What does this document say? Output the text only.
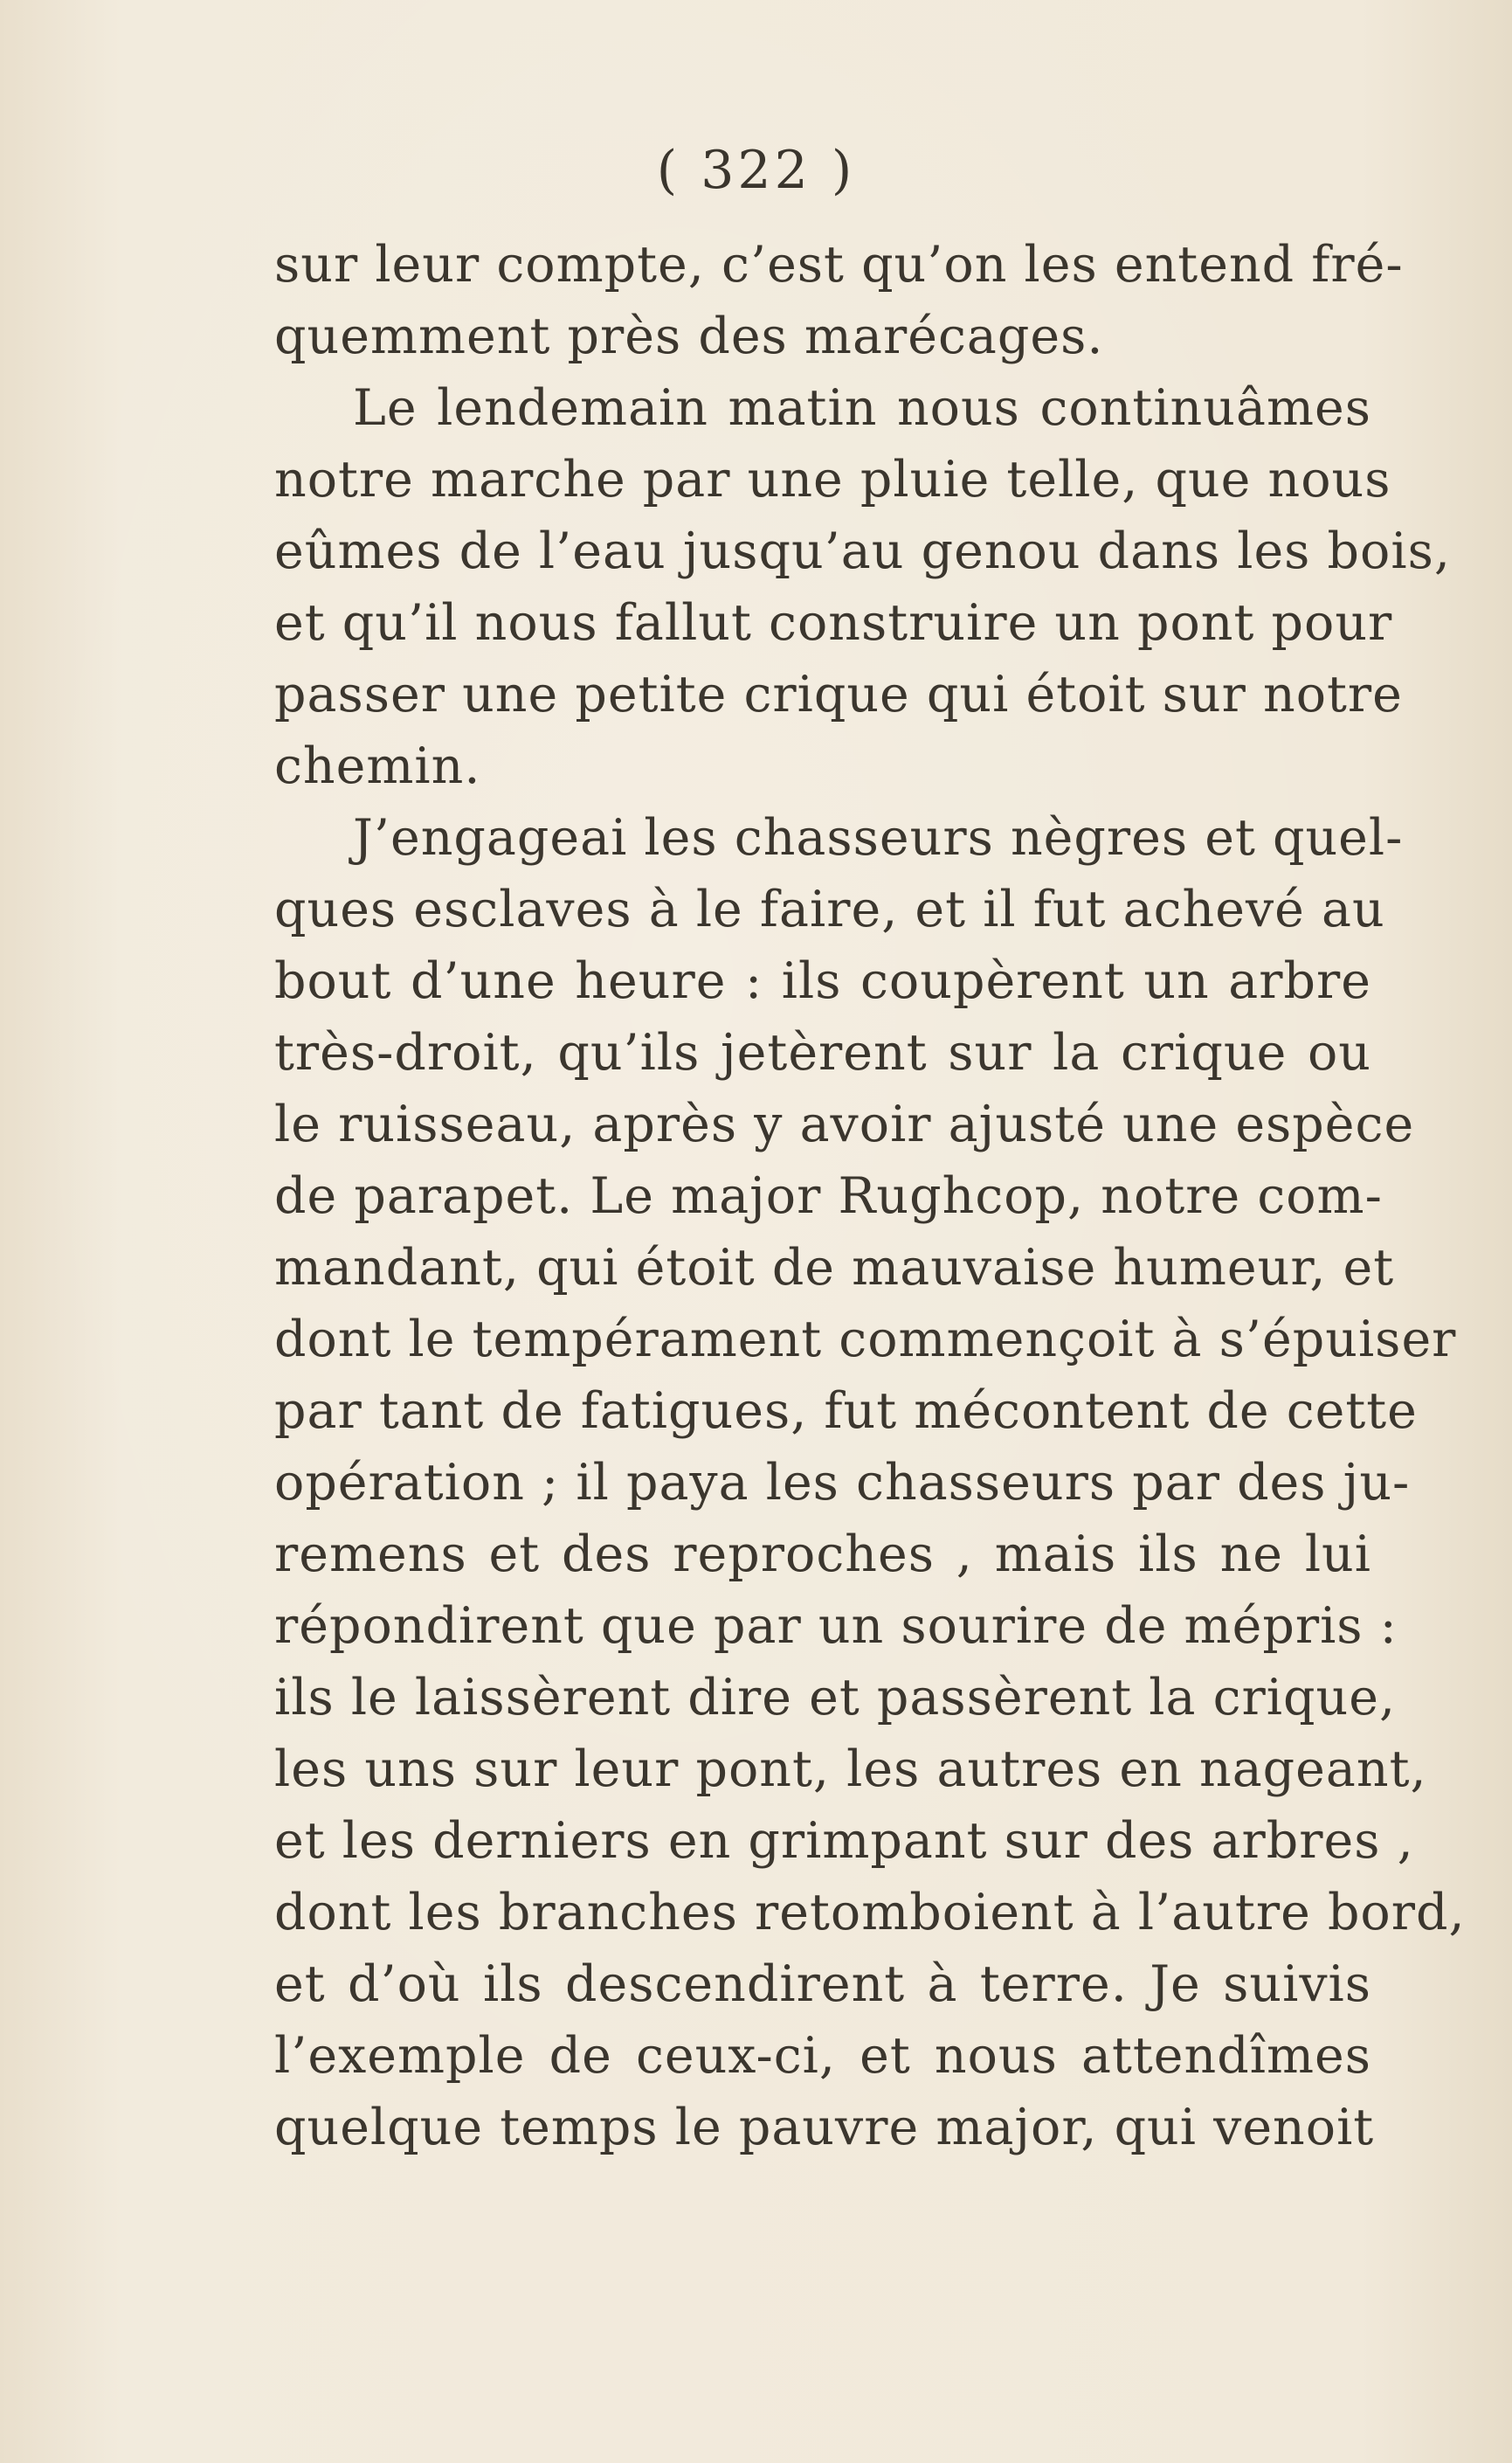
( 322 )
sur leur compte, c’est qu’on les entend fré-
quemment près des marécages.
Le lendemain matin nous continuâmes
notre marche par une pluie telle, que nous
eûmes de l’eau jusqu’au genou dans les bois,
et qu’il nous fallut construire un pont pour
passer une petite crique qui étoit sur notre
chemin.
J’engageai les chasseurs nègres et quel-
ques esclaves à le faire, et il fut achevé au
bout d’une heure : ils coupèrent un arbre
très-droit, qu’ils jetèrent sur la crique ou
le ruisseau, après y avoir ajusté une espèce
de parapet. Le major Rughcop, notre com-
mandant, qui étoit de mauvaise humeur, et
dont le tempérament commençoit à s’épuiser
par tant de fatigues, fut mécontent de cette
opération ; il paya les chasseurs par des ju-
remens et des reproches , mais ils ne lui
répondirent que par un sourire de mépris :
ils le laissèrent dire et passèrent la crique,
les uns sur leur pont, les autres en nageant,
et les derniers en grimpant sur des arbres ,
dont les branches retomboient à l’autre bord,
et d’où ils descendirent à terre. Je suivis
l’exemple de ceux-ci, et nous attendîmes
quelque temps le pauvre major, qui venoit
